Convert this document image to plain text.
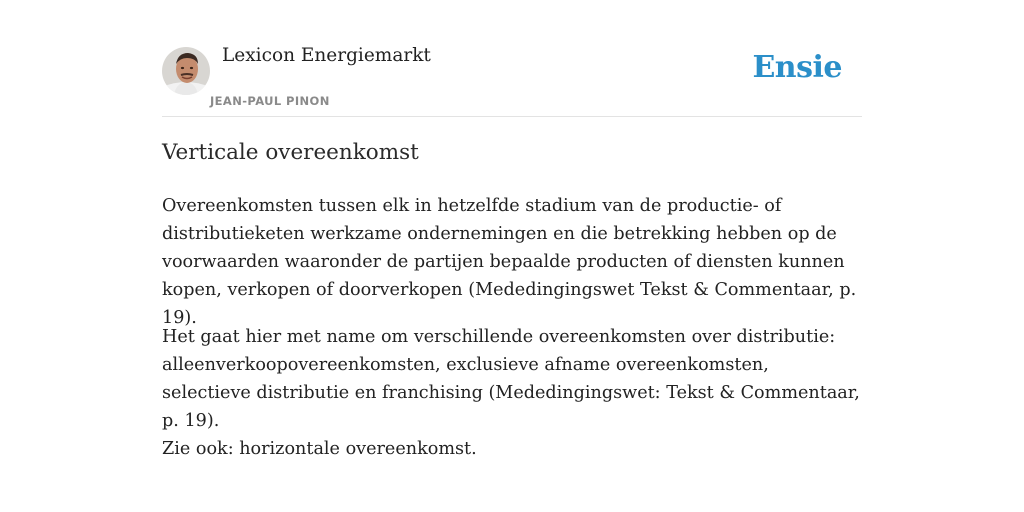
Lexicon Energiemarkt
JEAN-PAUL PINON
Ensie
Verticale overeenkomst

Overeenkomsten tussen elk in hetzelfde stadium van de productie- of distributieketen werkzame ondernemingen en die betrekking hebben op de voorwaarden waaronder de partijen bepaalde producten of diensten kunnen kopen, verkopen of doorverkopen (Mededingingswet Tekst & Commentaar, p. 19).

Het gaat hier met name om verschillende overeenkomsten over distributie: alleenverkoopovereenkomsten, exclusieve afname overeenkomsten, selectieve distributie en franchising (Mededingingswet: Tekst & Commentaar, p. 19).

Zie ook: horizontale overeenkomst.
